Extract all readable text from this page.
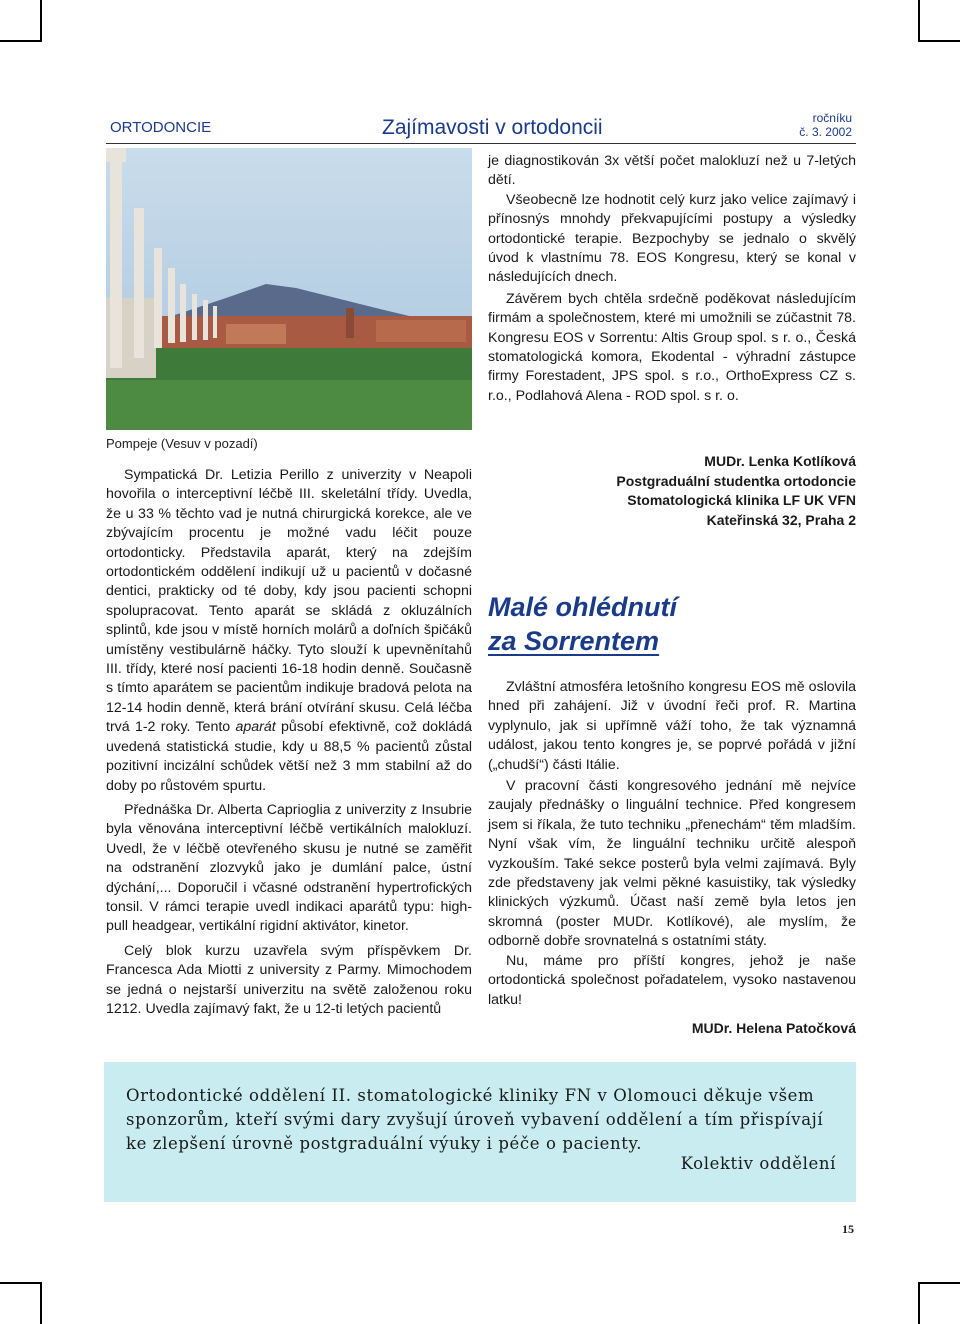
ORTODONCIE	Zajímavosti v ortodoncii	ročníku
č. 3. 2002
Pompeje (Vesuv v pozadí)

Sympatická Dr. Letizia Perillo z univerzity v Neapoli hovořila o interceptivní léčbě III. skeletální třídy. Uvedla, že u 33 % těchto vad je nutná chirurgická korekce, ale ve zbývajícím procentu je možné vadu léčit pouze ortodonticky. Představila aparát, který na zdejším ortodontickém oddělení indikují už u pacientů v dočasné dentici, prakticky od té doby, kdy jsou pacienti schopni spolupracovat. Tento aparát se skládá z okluzálních splintů, kde jsou v místě horních molárů a doľních špičáků umístěny vestibulárně háčky. Tyto slouží k upevněnítahů III. třídy, které nosí pacienti 16-18 hodin denně. Současně s tímto aparátem se pacientům indikuje bradová pelota na 12-14 hodin denně, která brání otvírání skusu. Celá léčba trvá 1-2 roky. Tento aparát působí efektivně, což dokládá uvedená statistická studie, kdy u 88,5 % pacientů zůstal pozitivní incizální schůdek větší než 3 mm stabilní až do doby po růstovém spurtu.

Přednáška Dr. Alberta Capriogliа z univerzity z Insubrie byla věnována interceptivní léčbě vertikálních malokluzí. Uvedl, že v léčbě otevřeného skusu je nutné se zaměřit na odstranění zlozvyků jako je dumlání palce, ústní dýchání,... Doporučil i včasné odstranění hypertrofických tonsil. V rámci terapie uvedl indikaci aparátů typu: high-pull headgear, vertikální rigidní aktivátor, kinetor.

Celý blok kurzu uzavřela svým příspěvkem Dr. Francesca Ada Miotti z university z Parmy. Mimochodem se jedná o nejstarší univerzitu na světě založenou roku 1212. Uvedla zajímavý fakt, že u 12-ti letých pacientů

je diagnostikován 3x větší počet malokluzí než u 7-letých dětí.

Všeobecně lze hodnotit celý kurz jako velice zajímavý i přínosnýs mnohdy překvapujícími postupy a výsledky ortodontické terapie. Bezpochyby se jednalo o skvělý úvod k vlastnímu 78. EOS Kongresu, který se konal v následujících dnech.

Závěrem bych chtěla srdečně poděkovat následujícím firmám a společnostem, které mi umožnili se zúčastnit 78. Kongresu EOS v Sorrentu: Altis Group spol. s r. o., Česká stomatologická komora, Ekodental - výhradní zástupce firmy Forestadent, JPS spol. s r.o., OrthoExpress CZ s. r.o., Podlahová Alena - ROD spol. s r. o.

MUDr. Lenka Kotlíková
Postgraduální studentka ortodoncie
Stomatologická klinika LF UK VFN
Kateřinská 32, Praha 2
Malé ohlédnutí
za Sorrentem

Zvláštní atmosféra letošního kongresu EOS mě oslovila hned při zahájení. Již v úvodní řeči prof. R. Martina vyplynulo, jak si upřímně váží toho, že tak významná událost, jakou tento kongres je, se poprvé pořádá v jižní („chudší“) části Itálie.

V pracovní části kongresového jednání mě nejvíce zaujaly přednášky o linguální technice. Před kongresem jsem si říkala, že tuto techniku „přenechám“ těm mladším. Nyní však vím, že linguální techniku určitě alespoň vyzkouším. Také sekce posterů byla velmi zajímavá. Byly zde představeny jak velmi pěkné kasuistiky, tak výsledky klinických výzkumů. Účast naší země byla letos jen skromná (poster MUDr. Kotlíkové), ale myslím, že odborně dobře srovnatelná s ostatními státy.

Nu, máme pro příští kongres, jehož je naše ortodontická společnost pořadatelem, vysoko nastavenou latku!

MUDr. Helena Patočková
Ortodontické oddělení II. stomatologické kliniky FN v Olomouci děkuje všem sponzorům, kteří svými dary zvyšují úroveň vybavení oddělení a tím přispívají ke zlepšení úrovně postgraduální výuky i péče o pacienty.
Kolektiv oddělení
15
